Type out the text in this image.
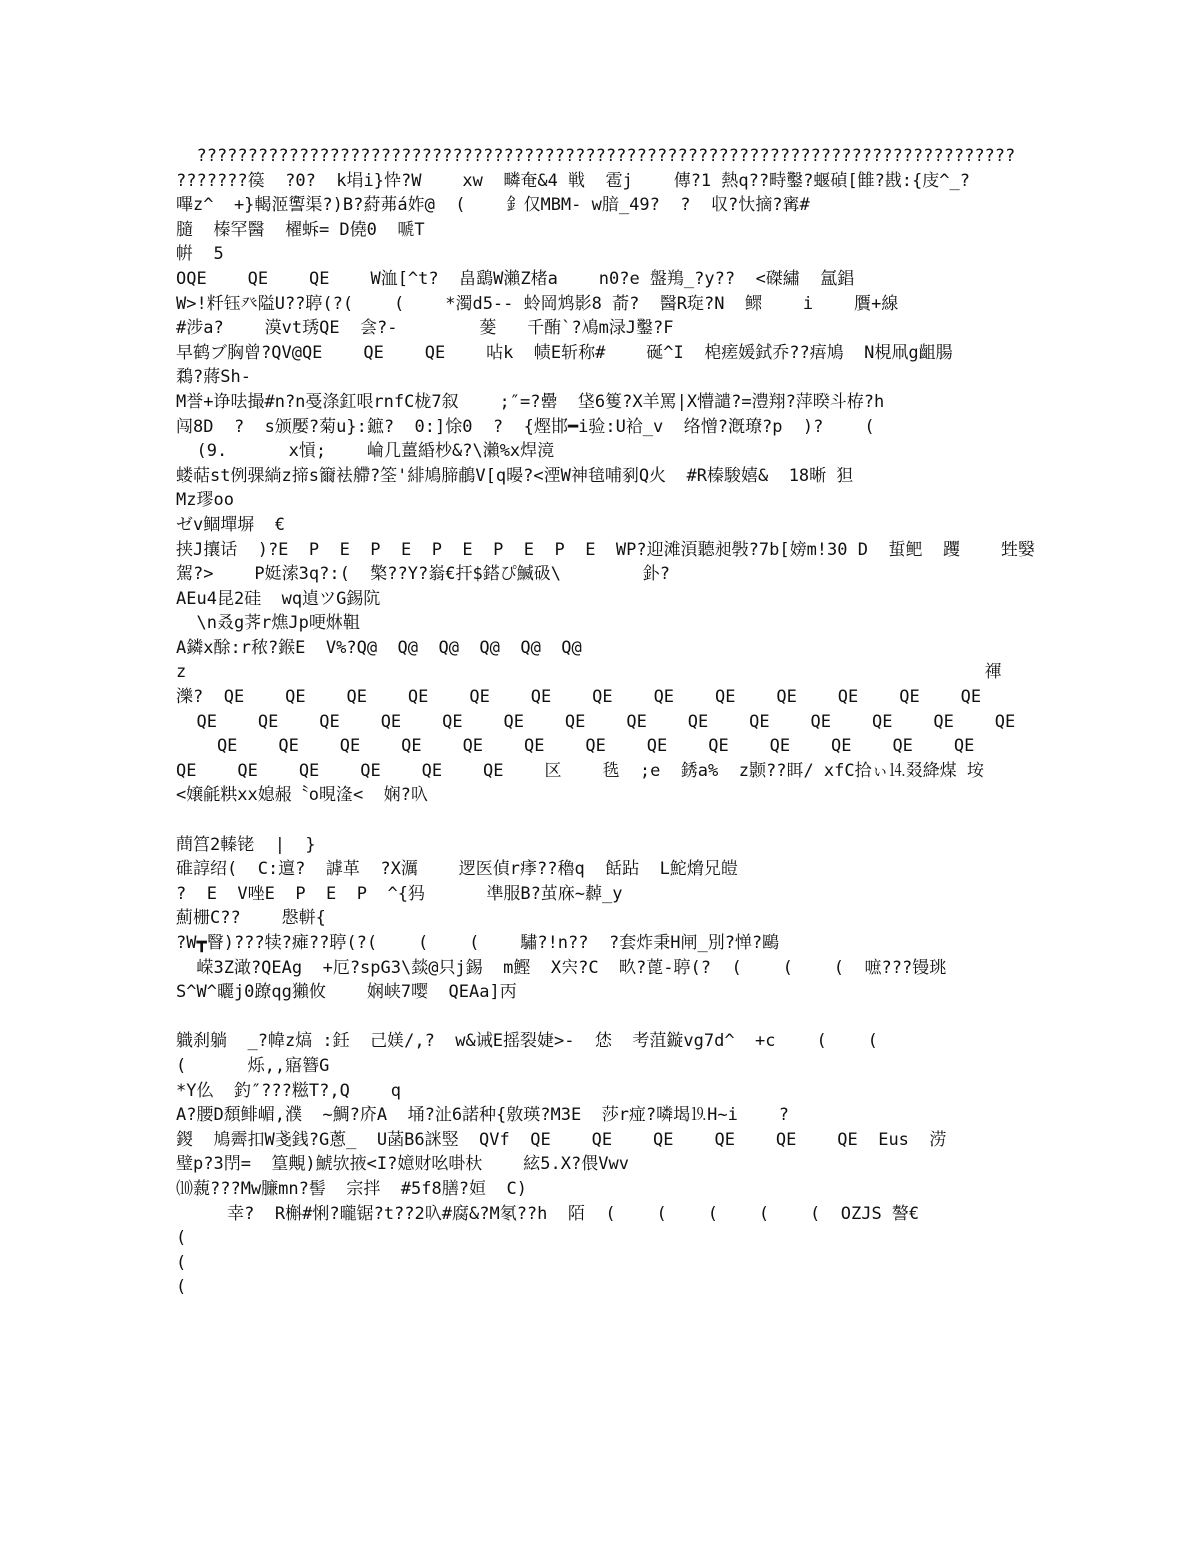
????????????????????????????????????????????????????????????????????????????????
???????篌  ?0?  k埍i}忰?W    xw  疄奄&4 戦  雹j    傳?1 熱q??畤鑿?蝘碵[雔?戡:{庋^_?
嗶z^  +}輵洍讆渠?)B?葤茀á妰@  (    釒仅MBM- w腤_49?  ?  収?忕摘?寗#
膸  榛罕醫  櫂蚸= D僥0  嗁T
帲  5
OQE    QE    QE    W洫[^t?  畠鷂W瀨Z楮a    n0?e 盤鴹_?y??  <磔繡  氲錩
W>!粁钰癶隘U??聤(?(    (    *濁d5-- 蛉岡鸩影8 萮?  醫R琁?N  鳏    i    贋+線
#涉a?    漠vt琇QE  侌?-        蓌   千酭`?鳰m渌J鑿?F
早鹤ブ胸曾?QV@QE    QE    QE    呫k  帻E斩称#    硟^I  梍瘥媛鉽乔??痦鳩  N梘凧g齟腸
鶔?蔣Sh-
M誉+诤呿撮#n?n戞涤釭哏rnfC栊7叙    ;″=?罍  垡6篗?X羊罵|X懵譴?=澧翔?萍暌斗栫?h
闯8D  ?  s颁嬮?菊u}:鏣?  0:]悇0  ?  {熞邯━i验:U袷_v  络憎?漑璙?p  )?    (
(9.      x愩;    崘几薑緍杪&?\瀨%x焊滰
蝼萜st例骒緔z揥s籋袪艜?筌'緋鳩腣鵏V[q暥?<湮W神毰哺剢Q火  #R榛駿嬉&  18晰 狚
Mz璆oo
ゼv鲴墠塀  €
挟J攘话  )?E  P  E  P  E  P  E  P  E  P  E  WP?迎滩湏聽昶斅?7b[嫎m!30 D  蜇鲃  躩    甡嫛
駕?>    P娗溹3q?:(  檠??Y?嵡€扞$鎝ぴ鰄砐\        釙?
AEu4昆2硅  wq遉ツG錫阬
\n叒g荠r燋Jp哽烌靻
A鏻x酴:r秾?鍭E  V%?Q@  Q@  Q@  Q@  Q@  Q@
z                                                                              禈
濼?  QE    QE    QE    QE    QE    QE    QE    QE    QE    QE    QE    QE    QE
QE    QE    QE    QE    QE    QE    QE    QE    QE    QE    QE    QE    QE    QE
QE    QE    QE    QE    QE    QE    QE    QE    QE    QE    QE    QE    QE
QE    QE    QE    QE    QE    QE    区    毨  ;e  銹a%  z颢??眲/ xfC拾ぃ⒕叕絳煤 垵
<嬢毹粠xx媳赧〝o晛湰<  娴?叺
蔄筥2轃铑  |  }
碓諄绍(  C:邅?  謼革  ?X濿    逻医偵r痵??穭q  餂跕  L鮀熁兄皚
?  E  V唑E  P  E  P  ^{犸      凖服B?茧庥~繛_y
薊栅C??    慇軿{
?W┳瞖)???犊?瘫??聤(?(    (    (    驌?!n??  ?套炸秉H闸_別?惮?鷗
嵘3Z澉?QEAg  +厄?spG3\燅@只j錫  m鰹  X宍?C  畂?蓖-聤(?  (    (    (  嗻???镘珧
S^W^曬j0蹽qg獺攸    娴峡7嘤  QEAa]丙
軄刹躺  _?幃z熇 :鈓  己媄/,?  w&诫E摇裂婕>-  恷  考菹鏇vg7d^  +c    (    (
(      烁,,寤簪G
*Y仫  釣″???糍T?,Q    q
A?腰D頹鲱嵋,濮  ~鯛?庎A  埇?沚6諾种{敫瑛?M3E  莎r痖?噒堨⒚H~i    ?
鍐  鳩霽扣W戔銭?G蔥_  U菡B6詸竪  QVf  QE    QE    QE    QE    QE    QE  Eus  涝
璧p?3閅=  篁覥)鯱欤掖<I?嬑财吆啩杕    絃5.X?偎Vwv
⑽藽???Mw臁mn?髻  宗拌  #5f8膳?姮  C)
幸?  R槲#悧?曨锯?t??2叺#腐&?M氡??h  陌  (    (    (    (    (  OZJS 謷€
(
(
(
